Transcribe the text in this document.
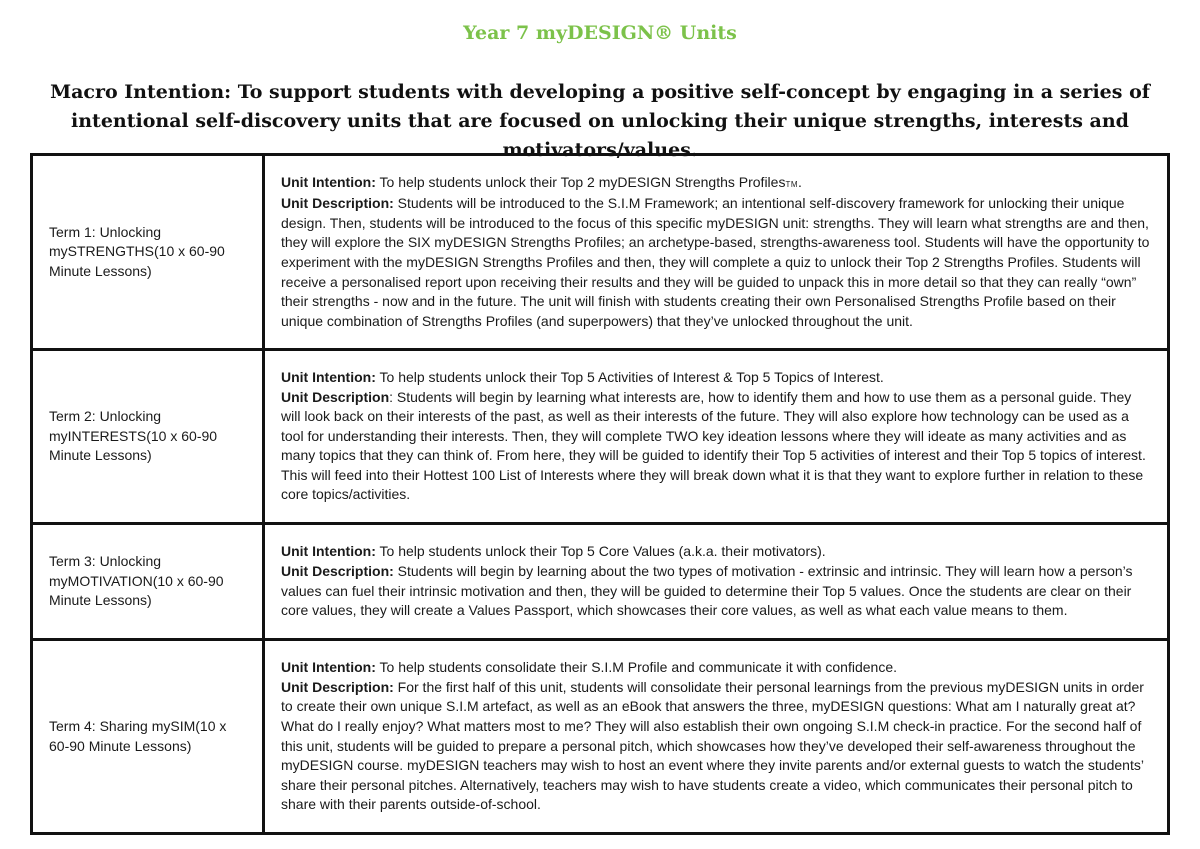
Year 7 myDESIGN® Units
Macro Intention: To support students with developing a positive self-concept by engaging in a series of intentional self-discovery units that are focused on unlocking their unique strengths, interests and motivators/values.
Term 1: Unlocking mySTRENGTHS(10 x 60-90 Minute Lessons)	Unit Intention: To help students unlock their Top 2 myDESIGN Strengths ProfilesTM.
Unit Description: Students will be introduced to the S.I.M Framework; an intentional self-discovery framework for unlocking their unique design. Then, students will be introduced to the focus of this specific myDESIGN unit: strengths. They will learn what strengths are and then, they will explore the SIX myDESIGN Strengths Profiles; an archetype-based, strengths-awareness tool. Students will have the opportunity to experiment with the myDESIGN Strengths Profiles and then, they will complete a quiz to unlock their Top 2 Strengths Profiles. Students will receive a personalised report upon receiving their results and they will be guided to unpack this in more detail so that they can really “own” their strengths - now and in the future. The unit will finish with students creating their own Personalised Strengths Profile based on their unique combination of Strengths Profiles (and superpowers) that they’ve unlocked throughout the unit.

Term 2: Unlocking myINTERESTS(10 x 60-90 Minute Lessons)	Unit Intention: To help students unlock their Top 5 Activities of Interest & Top 5 Topics of Interest.
Unit Description: Students will begin by learning what interests are, how to identify them and how to use them as a personal guide. They will look back on their interests of the past, as well as their interests of the future. They will also explore how technology can be used as a tool for understanding their interests. Then, they will complete TWO key ideation lessons where they will ideate as many activities and as many topics that they can think of. From here, they will be guided to identify their Top 5 activities of interest and their Top 5 topics of interest. This will feed into their Hottest 100 List of Interests where they will break down what it is that they want to explore further in relation to these core topics/activities.

Term 3: Unlocking myMOTIVATION(10 x 60-90 Minute Lessons)	Unit Intention: To help students unlock their Top 5 Core Values (a.k.a. their motivators).
Unit Description: Students will begin by learning about the two types of motivation - extrinsic and intrinsic. They will learn how a person’s values can fuel their intrinsic motivation and then, they will be guided to determine their Top 5 values. Once the students are clear on their core values, they will create a Values Passport, which showcases their core values, as well as what each value means to them.

Term 4: Sharing mySIM(10 x 60-90 Minute Lessons)	Unit Intention: To help students consolidate their S.I.M Profile and communicate it with confidence.
Unit Description: For the first half of this unit, students will consolidate their personal learnings from the previous myDESIGN units in order to create their own unique S.I.M artefact, as well as an eBook that answers the three, myDESIGN questions: What am I naturally great at? What do I really enjoy? What matters most to me? They will also establish their own ongoing S.I.M check-in practice. For the second half of this unit, students will be guided to prepare a personal pitch, which showcases how they’ve developed their self-awareness throughout the myDESIGN course. myDESIGN teachers may wish to host an event where they invite parents and/or external guests to watch the students’ share their personal pitches. Alternatively, teachers may wish to have students create a video, which communicates their personal pitch to share with their parents outside-of-school.
